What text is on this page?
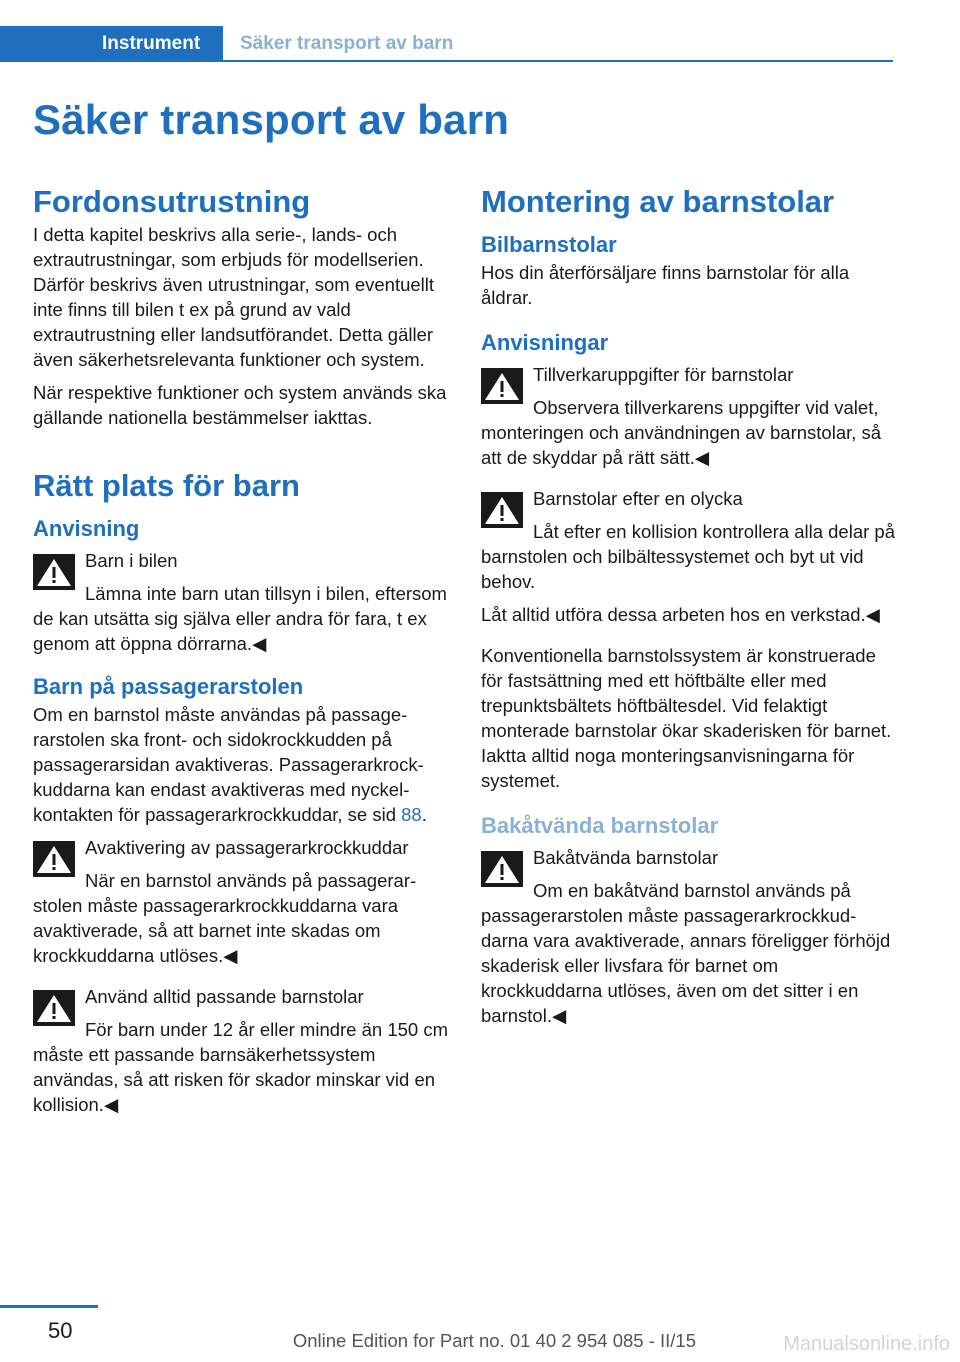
Instrument	Säker transport av barn
Säker transport av barn
Fordonsutrustning

I detta kapitel beskrivs alla serie-, lands- och extrautrustningar, som erbjuds för modellserien. Därför beskrivs även utrustningar, som eventuellt inte finns till bilen t ex på grund av vald extrautrustning eller landsutförandet. Detta gäller även säkerhetsrelevanta funktioner och system.

När respektive funktioner och system används ska gällande nationella bestämmelser iakttas.

Rätt plats för barn
Anvisning
Barn i bilen
Lämna inte barn utan tillsyn i bilen, eftersom de kan utsätta sig själva eller andra för fara, t ex genom att öppna dörrarna.◀
Barn på passagerarstolen

Om en barnstol måste användas på passagerarstolen ska front- och sidokrockkudden på passagerarsidan avaktiveras. Passagerarkrockkuddarna kan endast avaktiveras med nyckelkontakten för passagerarkrockkuddar, se sid 88.

Avaktivering av passagerarkrockkuddar
När en barnstol används på passagerarstolen måste passagerarkrockkuddarna vara avaktiverade, så att barnet inte skadas om krockkuddarna utlöses.◀
Använd alltid passande barnstolar
För barn under 12 år eller mindre än 150 cm måste ett passande barnsäkerhetssystem användas, så att risken för skador minskar vid en kollision.◀
Montering av barnstolar
Bilbarnstolar

Hos din återförsäljare finns barnstolar för alla åldrar.

Anvisningar
Tillverkaruppgifter för barnstolar
Observera tillverkarens uppgifter vid valet, monteringen och användningen av barnstolar, så att de skyddar på rätt sätt.◀
Barnstolar efter en olycka
Låt efter en kollision kontrollera alla delar på barnstolen och bilbältessystemet och byt ut vid behov.

Låt alltid utföra dessa arbeten hos en verkstad.◀

Konventionella barnstolssystem är konstruerade för fastsättning med ett höftbälte eller med trepunktsbältets höftbältesdel. Vid felaktigt monterade barnstolar ökar skaderisken för barnet. Iaktta alltid noga monteringsanvisningarna för systemet.

Bakåtvända barnstolar
Bakåtvända barnstolar
Om en bakåtvänd barnstol används på passagerarstolen måste passagerarkrockkuddarna vara avaktiverade, annars föreligger förhöjd skaderisk eller livsfara för barnet om krockkuddarna utlöses, även om det sitter i en barnstol.◀
50	Online Edition for Part no. 01 40 2 954 085 - II/15	Manualsonline.info
